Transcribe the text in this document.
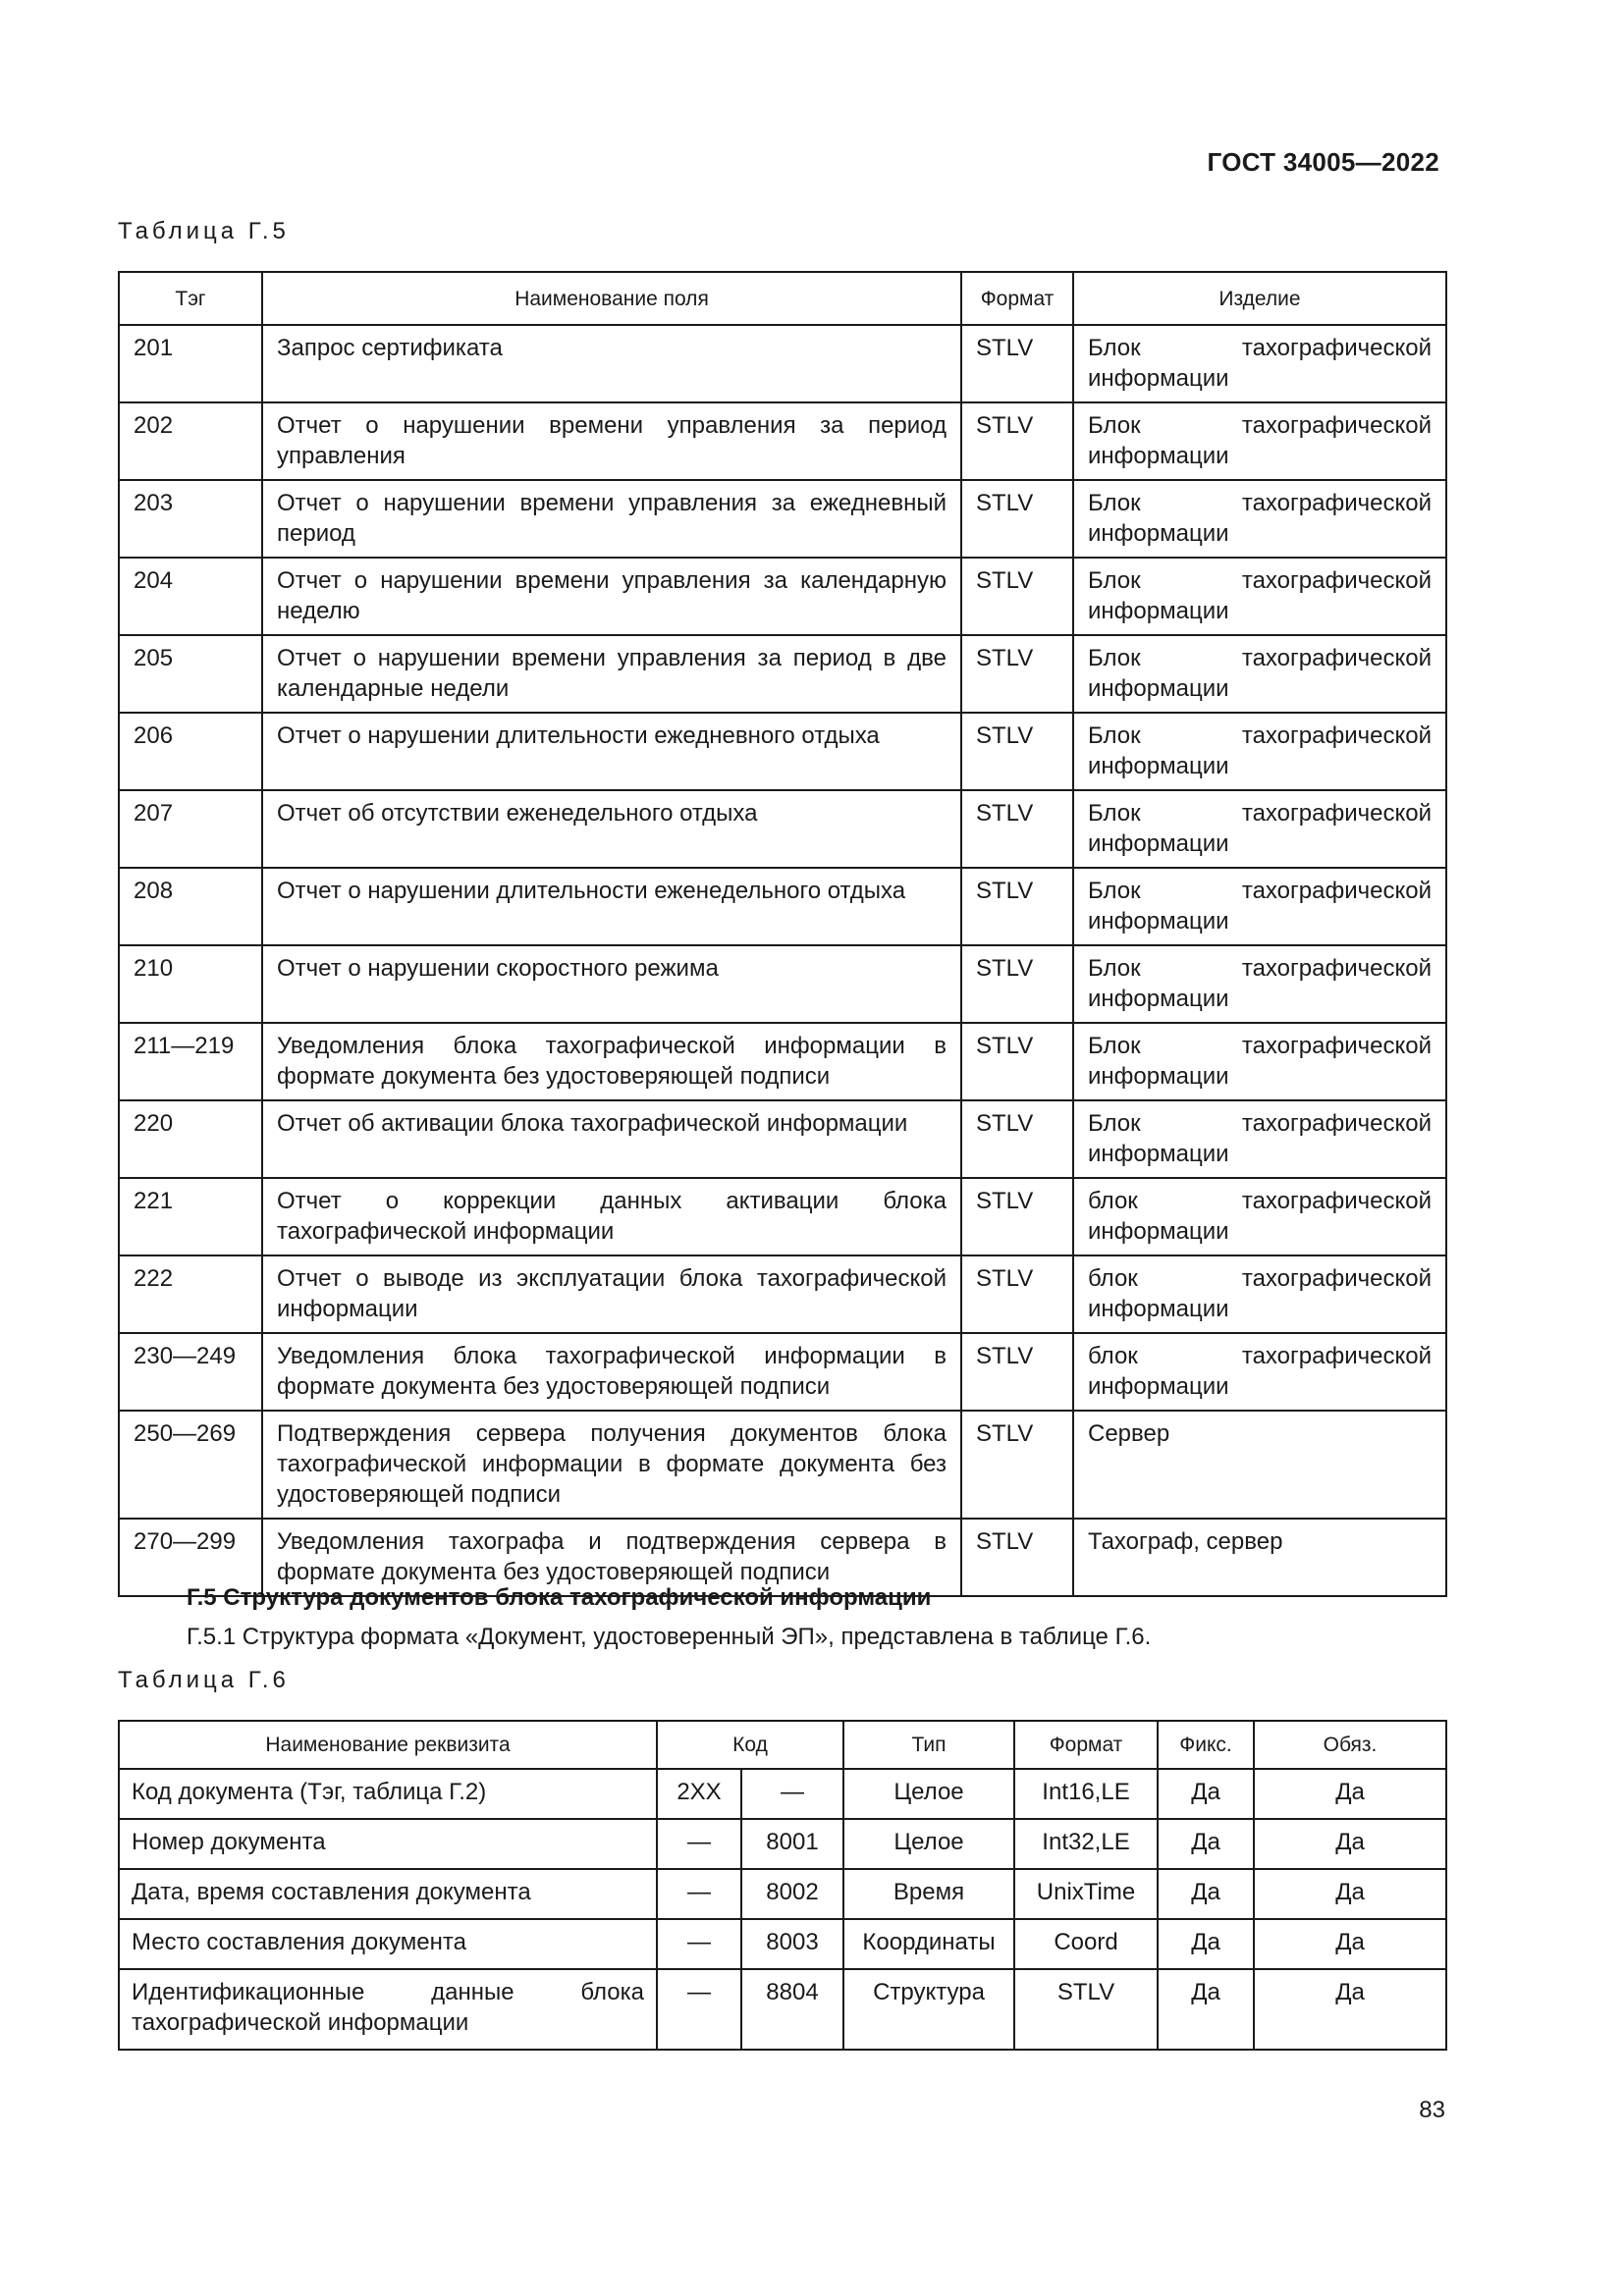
ГОСТ 34005—2022
Таблица Г.5
Тэг	Наименование поля	Формат	Изделие
201	Запрос сертификата	STLV	Блок тахографической информации
202	Отчет о нарушении времени управления за период управления	STLV	Блок тахографической информации
203	Отчет о нарушении времени управления за ежедневный период	STLV	Блок тахографической информации
204	Отчет о нарушении времени управления за календарную неделю	STLV	Блок тахографической информации
205	Отчет о нарушении времени управления за период в две календарные недели	STLV	Блок тахографической информации
206	Отчет о нарушении длительности ежедневного отдыха	STLV	Блок тахографической информации
207	Отчет об отсутствии еженедельного отдыха	STLV	Блок тахографической информации
208	Отчет о нарушении длительности еженедельного отдыха	STLV	Блок тахографической информации
210	Отчет о нарушении скоростного режима	STLV	Блок тахографической информации
211—219	Уведомления блока тахографической информации в формате документа без удостоверяющей подписи	STLV	Блок тахографической информации
220	Отчет об активации блока тахографической информации	STLV	Блок тахографической информации
221	Отчет о коррекции данных активации блока тахографической информации	STLV	блок тахографической информации
222	Отчет о выводе из эксплуатации блока тахографической информации	STLV	блок тахографической информации
230—249	Уведомления блока тахографической информации в формате документа без удостоверяющей подписи	STLV	блок тахографической информации
250—269	Подтверждения сервера получения документов блока тахографической информации в формате документа без удостоверяющей подписи	STLV	Сервер
270—299	Уведомления тахографа и подтверждения сервера в формате документа без удостоверяющей подписи	STLV	Тахограф, сервер
Г.5 Структура документов блока тахографической информации
Г.5.1 Структура формата «Документ, удостоверенный ЭП», представлена в таблице Г.6.
Таблица Г.6
Наименование реквизита	Код		Тип	Формат	Фикс.	Обяз.
Код документа (Тэг, таблица Г.2)	2XX	—	Целое	Int16,LE	Да	Да
Номер документа	—	8001	Целое	Int32,LE	Да	Да
Дата, время составления документа	—	8002	Время	UnixTime	Да	Да
Место составления документа	—	8003	Координаты	Coord	Да	Да
Идентификационные данные блока тахографической информации	—	8804	Структура	STLV	Да	Да
83
